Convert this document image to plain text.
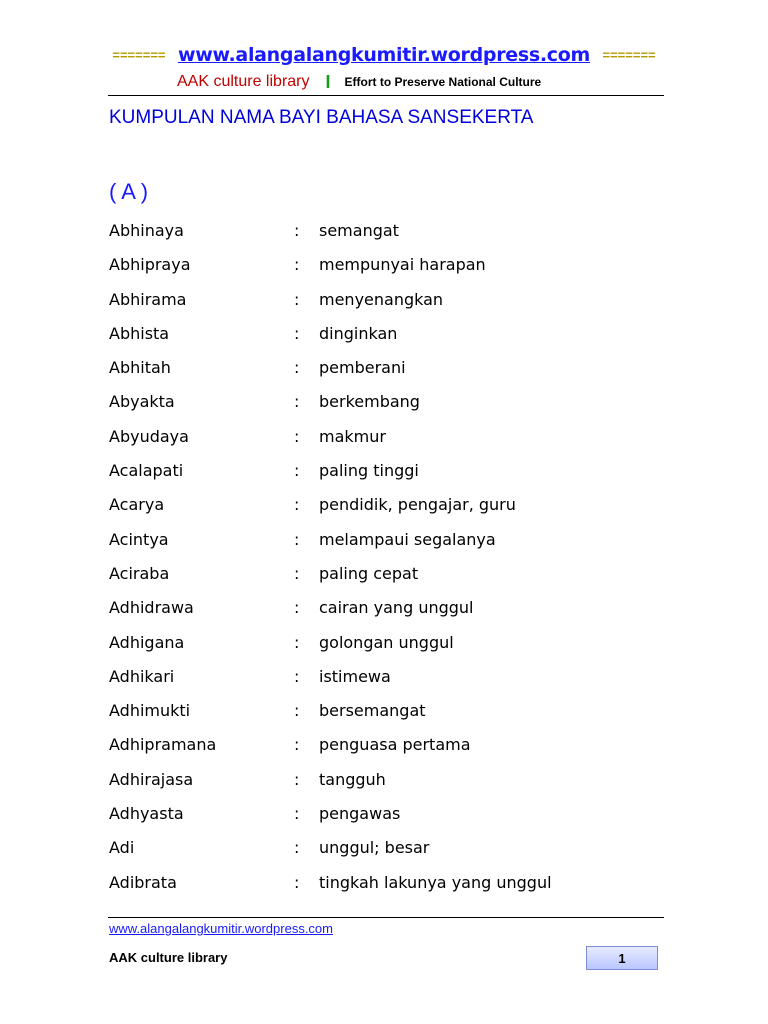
======= www.alangalangkumitir.wordpress.com =======
AAK culture library I Effort to Preserve National Culture
KUMPULAN NAMA BAYI BAHASA SANSEKERTA
( A )
Abhinaya	: semangat
Abhipraya	: mempunyai harapan
Abhirama	: menyenangkan
Abhista	: dinginkan
Abhitah	: pemberani
Abyakta	: berkembang
Abyudaya	: makmur
Acalapati	: paling tinggi
Acarya	: pendidik, pengajar, guru
Acintya	: melampaui segalanya
Aciraba	: paling cepat
Adhidrawa	: cairan yang unggul
Adhigana	: golongan unggul
Adhikari	: istimewa
Adhimukti	: bersemangat
Adhipramana	: penguasa pertama
Adhirajasa	: tangguh
Adhyasta	: pengawas
Adi	: unggul; besar
Adibrata	: tingkah lakunya yang unggul
www.alangalangkumitir.wordpress.com
AAK culture library	1
